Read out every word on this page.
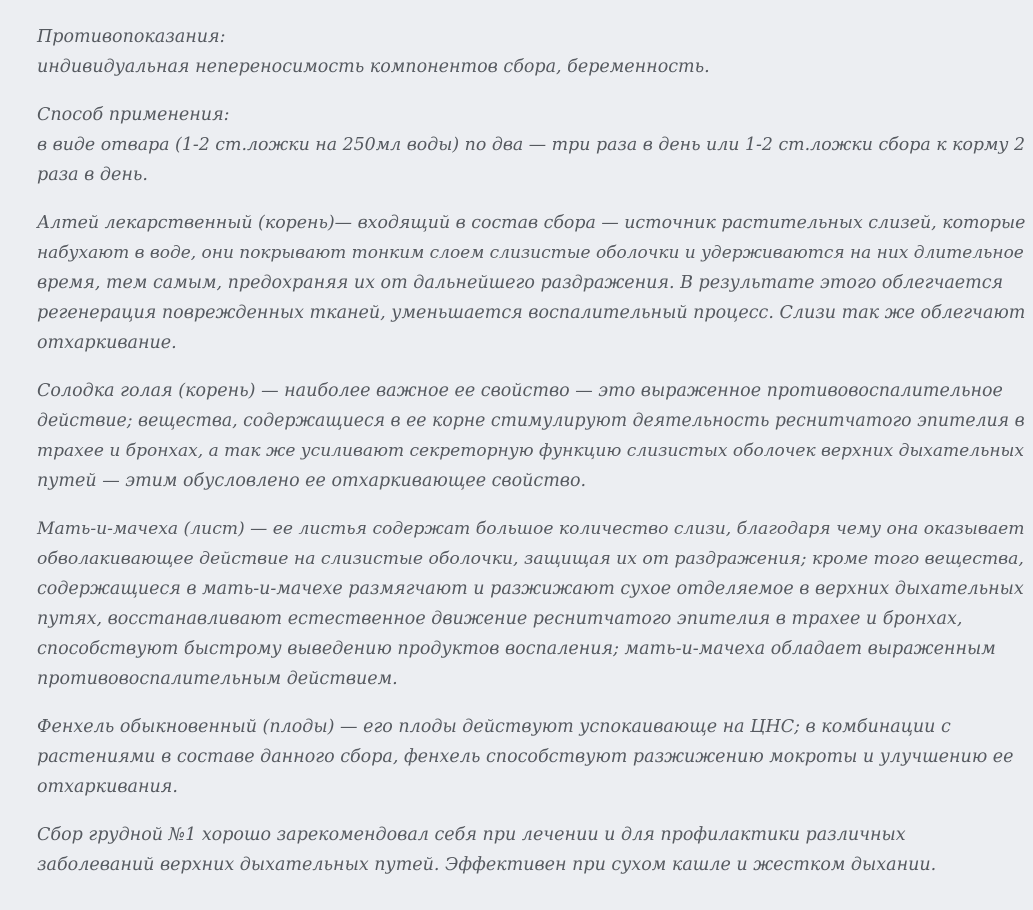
Противопоказания:
индивидуальная непереносимость компонентов сбора, беременность.

Способ применения:
в виде отвара (1-2 ст.ложки на 250мл воды) по два — три раза в день или 1-2 ст.ложки сбора к корму 2
раза в день.

Алтей лекарственный (корень)— входящий в состав сбора — источник растительных слизей, которые
набухают в воде, они покрывают тонким слоем слизистые оболочки и удерживаются на них длительное
время, тем самым, предохраняя их от дальнейшего раздражения. В результате этого облегчается
регенерация поврежденных тканей, уменьшается воспалительный процесс. Слизи так же облегчают
отхаркивание.

Солодка голая (корень) — наиболее важное ее свойство — это выраженное противовоспалительное
действие; вещества, содержащиеся в ее корне стимулируют деятельность реснитчатого эпителия в
трахее и бронхах, а так же усиливают секреторную функцию слизистых оболочек верхних дыхательных
путей — этим обусловлено ее отхаркивающее свойство.

Мать-и-мачеха (лист) — ее листья содержат большое количество слизи, благодаря чему она оказывает
обволакивающее действие на слизистые оболочки, защищая их от раздражения; кроме того вещества,
содержащиеся в мать-и-мачехе размягчают и разжижают сухое отделяемое в верхних дыхательных
путях, восстанавливают естественное движение реснитчатого эпителия в трахее и бронхах,
способствуют быстрому выведению продуктов воспаления; мать-и-мачеха обладает выраженным
противовоспалительным действием.

Фенхель обыкновенный (плоды) — его плоды действуют успокаивающе на ЦНС; в комбинации с
растениями в составе данного сбора, фенхель способствуют разжижению мокроты и улучшению ее
отхаркивания.

Сбор грудной №1 хорошо зарекомендовал себя при лечении и для профилактики различных
заболеваний верхних дыхательных путей. Эффективен при сухом кашле и жестком дыхании.
